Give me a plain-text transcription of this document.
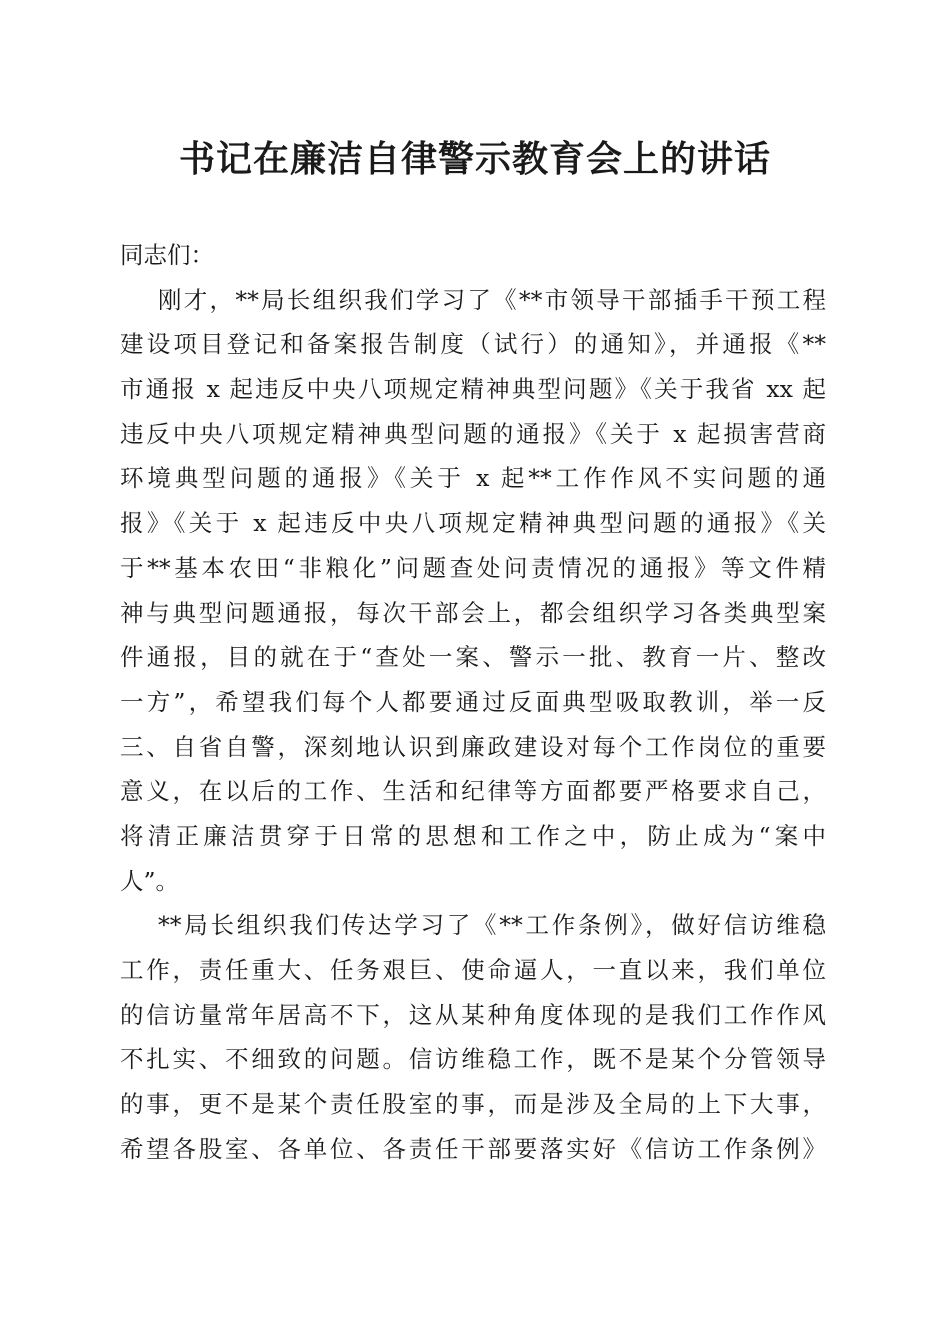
书记在廉洁自律警示教育会上的讲话
同志们：
刚才，**局长组织我们学习了《**市领导干部插手干预工程
建设项目登记和备案报告制度（试行）的通知》，并通报《**
市通报 x 起违反中央八项规定精神典型问题》《关于我省 xx 起
违反中央八项规定精神典型问题的通报》《关于 x 起损害营商
环境典型问题的通报》《关于 x 起**工作作风不实问题的通
报》《关于 x 起违反中央八项规定精神典型问题的通报》《关
于**基本农田“非粮化”问题查处问责情况的通报》等文件精
神与典型问题通报，每次干部会上，都会组织学习各类典型案
件通报，目的就在于“查处一案、警示一批、教育一片、整改
一方”，希望我们每个人都要通过反面典型吸取教训，举一反
三、自省自警，深刻地认识到廉政建设对每个工作岗位的重要
意义，在以后的工作、生活和纪律等方面都要严格要求自己，
将清正廉洁贯穿于日常的思想和工作之中，防止成为“案中
人”。
**局长组织我们传达学习了《**工作条例》，做好信访维稳
工作，责任重大、任务艰巨、使命逼人，一直以来，我们单位
的信访量常年居高不下，这从某种角度体现的是我们工作作风
不扎实、不细致的问题。信访维稳工作，既不是某个分管领导
的事，更不是某个责任股室的事，而是涉及全局的上下大事，
希望各股室、各单位、各责任干部要落实好《信访工作条例》
